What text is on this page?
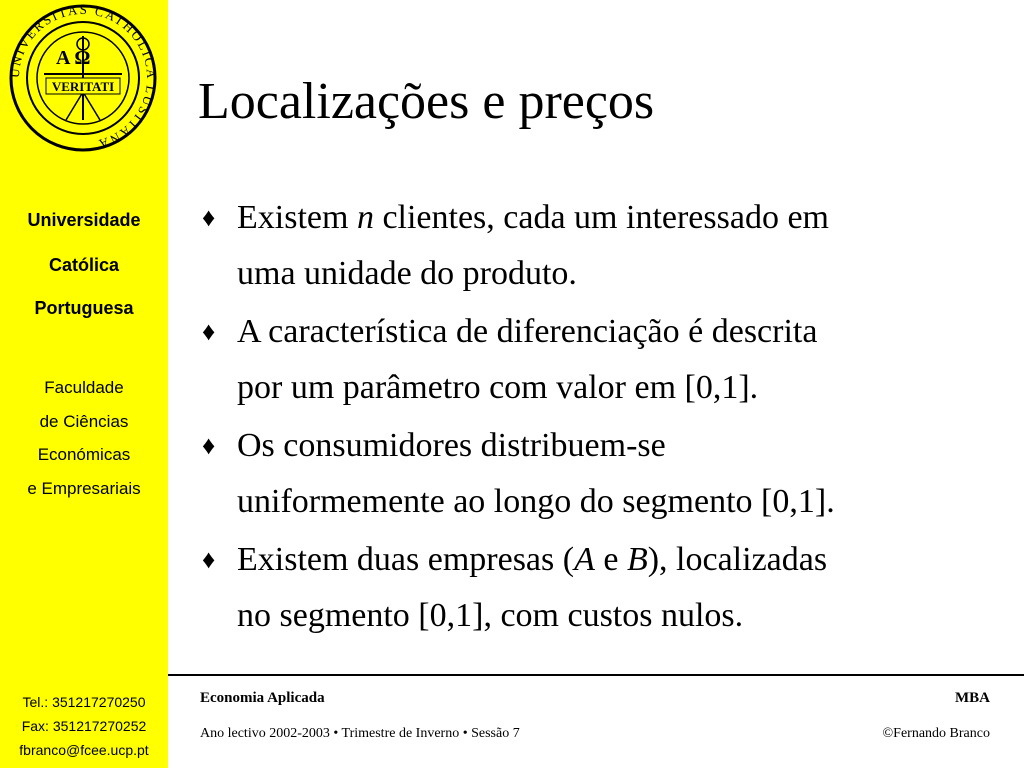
UNIVERSITAS CATHOLICA LUSITANA
A Ω
VERITATI
Universidade
Católica
Portuguesa
Faculdade
de Ciências
Económicas
e Empresariais
Tel.: 351217270250
Fax: 351217270252
fbranco@fcee.ucp.pt
Localizações e preços
♦ Existem n clientes, cada um interessado em
uma unidade do produto.
♦ A característica de diferenciação é descrita
por um parâmetro com valor em [0,1].
♦ Os consumidores distribuem-se
uniformemente ao longo do segmento [0,1].
♦ Existem duas empresas (A e B), localizadas
no segmento [0,1], com custos nulos.
Economia Aplicada	MBA
Ano lectivo 2002-2003 • Trimestre de Inverno • Sessão 7	©Fernando Branco
